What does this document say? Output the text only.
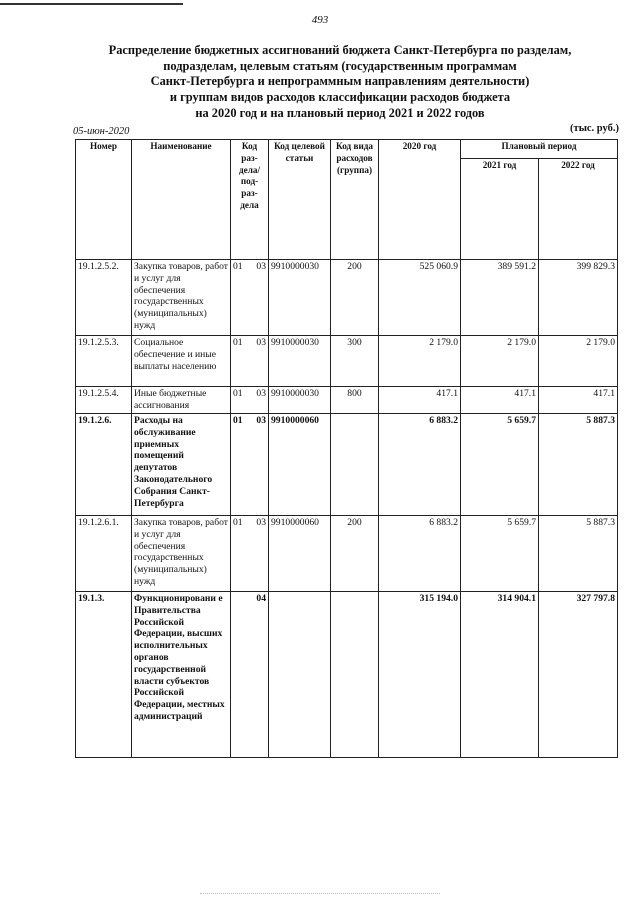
493
Распределение бюджетных ассигнований бюджета Санкт-Петербурга по разделам,
подразделам, целевым статьям (государственным программам
Санкт-Петербурга и непрограммным направлениям деятельности)
и группам видов расходов классификации расходов бюджета
на 2020 год и на плановый период 2021 и 2022 годов
05-июн-2020	(тыс. руб.)
Номер	Наименование	Код раз-дела/ под-раз-дела	Код целевой статьи	Код вида расходов (группа)	2020 год	Плановый период	
						2021 год	2022 год
19.1.2.5.2.	Закупка товаров, работ и услуг для обеспечения государственных (муниципальных) нужд	01 03	9910000030	200	525 060.9	389 591.2	399 829.3
19.1.2.5.3.	Социальное обеспечение и иные выплаты населению	01 03	9910000030	300	2 179.0	2 179.0	2 179.0
19.1.2.5.4.	Иные бюджетные ассигнования	01 03	9910000030	800	417.1	417.1	417.1
19.1.2.6.	Расходы на обслуживание приемных помещений депутатов Законодательного Собрания Санкт-Петербурга	01 03	9910000060		6 883.2	5 659.7	5 887.3
19.1.2.6.1.	Закупка товаров, работ и услуг для обеспечения государственных (муниципальных) нужд	01 03	9910000060	200	6 883.2	5 659.7	5 887.3
19.1.3.	Функционировани е Правительства Российской Федерации, высших исполнительных органов государственной власти субъектов Российской Федерации, местных администраций	04			315 194.0	314 904.1	327 797.8
